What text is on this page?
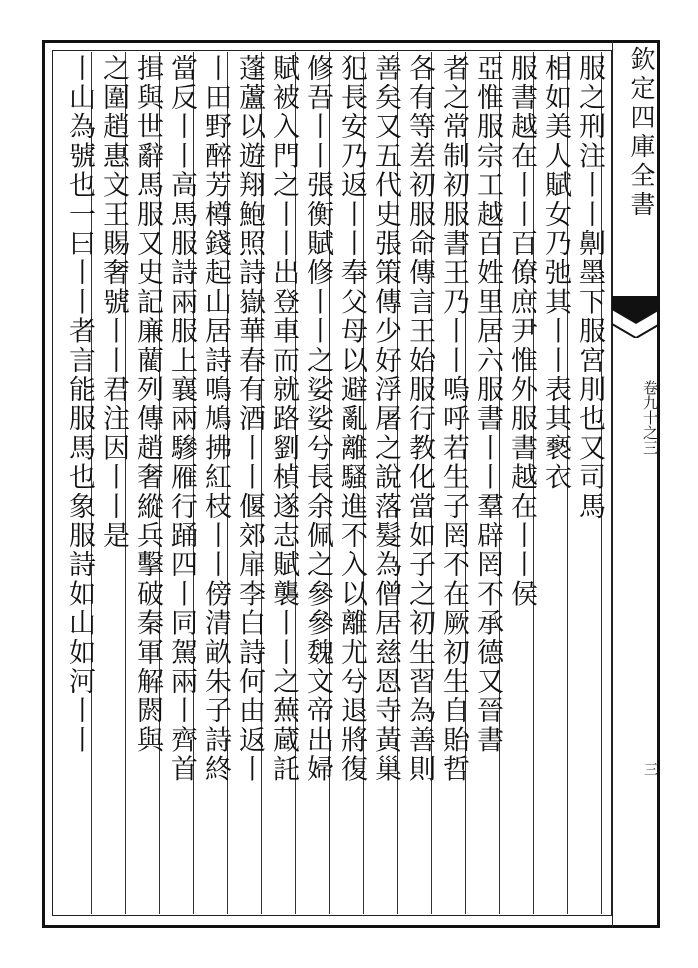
欽定四庫全書
卷九十之三
三
服之刑注丨丨劓墨下服宮刖也又司馬
相如美人賦女乃弛其丨丨表其褻衣
服書越在丨丨百僚庶尹惟外服書越在丨丨侯
亞惟服宗工越百姓里居六服書丨丨羣辟罔不承德又晉書
者之常制初服書王乃丨丨嗚呼若生子罔不在厥初生自貽哲
各有等差初服命傳言王始服行教化當如子之初生習為善則
善矣又五代史張策傳少好浮屠之說落髮為僧居慈恩寺黃巢
犯長安乃返丨丨奉父母以避亂離騷進不入以離尤兮退將復
修吾丨丨張衡賦修丨丨之娑娑兮長余佩之參參魏文帝出婦
賦被入門之丨丨出登車而就路劉楨遂志賦襲丨丨之蕪蔵託
蓬蘆以遊翔鮑照詩嶽華春有酒丨丨偃郊扉李白詩何由返丨
丨田野醉芳樽錢起山居詩鳴鳩拂紅枝丨丨傍清畝朱子詩終
當反丨丨高馬服詩兩服上襄兩驂雁行踊四丨同駕兩丨齊首
揖與世辭馬服又史記廉藺列傳趙奢縱兵擊破秦軍解閼與
之圍趙惠文王賜奢號丨丨君注因丨丨是
丨山為號也一曰丨丨者言能服馬也象服詩如山如河丨丨
